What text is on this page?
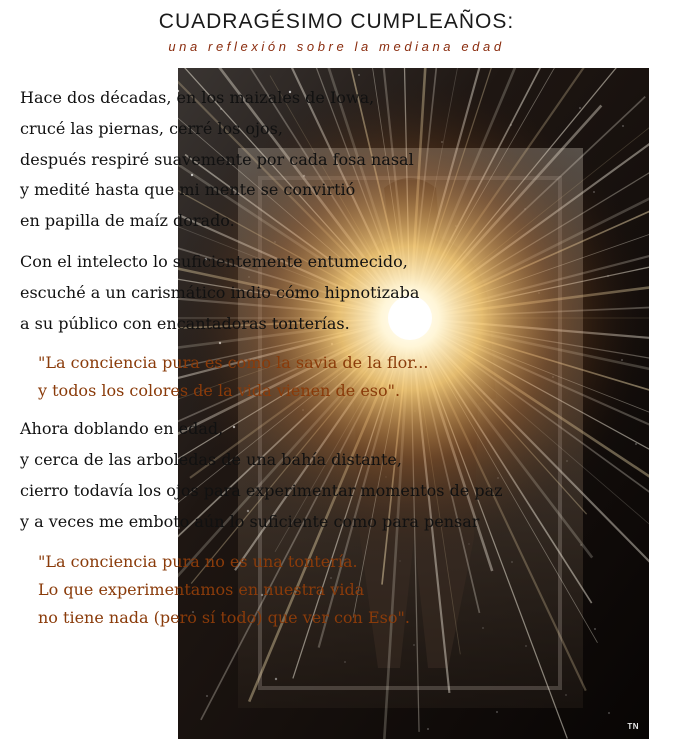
CUADRAGÉSIMO CUMPLEAÑOS:
una reflexión sobre la mediana edad
TN
Hace dos décadas, en los maizales de Iowa,
crucé las piernas, cerré los ojos,
después respiré suavemente por cada fosa nasal
y medité hasta que mi mente se convirtió
en papilla de maíz dorado.
Con el intelecto lo suficientemente entumecido,
escuché a un carismático indio cómo hipnotizaba
a su público con encantadoras tonterías.
"La conciencia pura es como la savia de la flor...
y todos los colores de la vida vienen de eso".
Ahora doblando en edad,
y cerca de las arboledas de una bahía distante,
cierro todavía los ojos para experimentar momentos de paz
y a veces me emboto aún lo suficiente como para pensar
"La conciencia pura no es una tontería.
Lo que experimentamos en nuestra vida
no tiene nada (pero sí todo) que ver con Eso".
